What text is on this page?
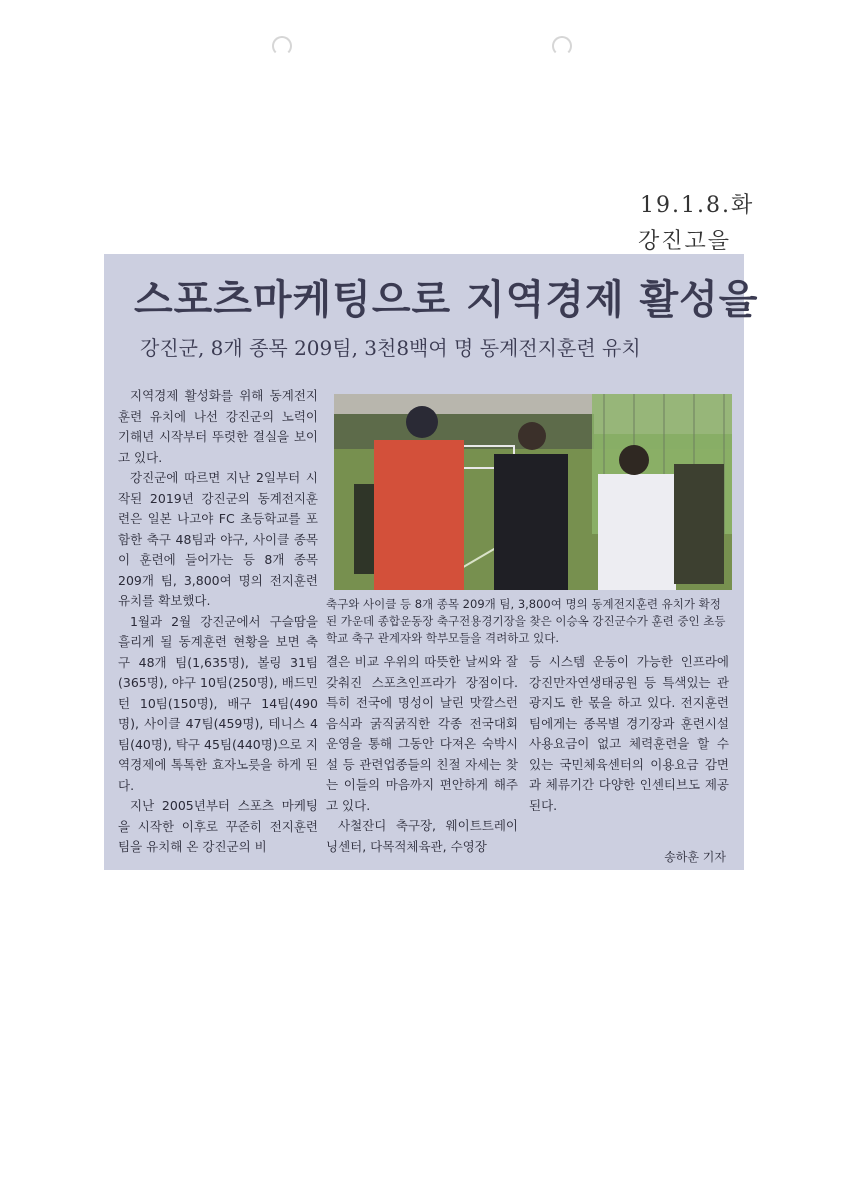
19.1.8.화
강진고을
스포츠마케팅으로 지역경제 활성을
강진군, 8개 종목 209팀, 3천8백여 명 동계전지훈련 유치

지역경제 활성화를 위해 동계전지훈련 유치에 나선 강진군의 노력이 기해년 시작부터 뚜렷한 결실을 보이고 있다.

강진군에 따르면 지난 2일부터 시작된 2019년 강진군의 동계전지훈련은 일본 나고야 FC 초등학교를 포함한 축구 48팀과 야구, 사이클 종목이 훈련에 들어가는 등 8개 종목 209개 팀, 3,800여 명의 전지훈련 유치를 확보했다.

1월과 2월 강진군에서 구슬땀을 흘리게 될 동계훈련 현황을 보면 축구 48개 팀(1,635명), 볼링 31팀(365명), 야구 10팀(250명), 배드민턴 10팀(150명), 배구 14팀(490명), 사이클 47팀(459명), 테니스 4팀(40명), 탁구 45팀(440명)으로 지역경제에 톡톡한 효자노릇을 하게 된다.

지난 2005년부터 스포츠 마케팅을 시작한 이후로 꾸준히 전지훈련 팀을 유치해 온 강진군의 비

축구와 사이클 등 8개 종목 209개 팀, 3,800여 명의 동계전지훈련 유치가 확정된 가운데 종합운동장 축구전용경기장을 찾은 이승옥 강진군수가 훈련 중인 초등학교 축구 관계자와 학부모들을 격려하고 있다.

결은 비교 우위의 따뜻한 날씨와 잘 갖춰진 스포츠인프라가 장점이다. 특히 전국에 명성이 날린 맛깔스런 음식과 굵직굵직한 각종 전국대회운영을 통해 그동안 다져온 숙박시설 등 관련업종들의 친절 자세는 찾는 이들의 마음까지 편안하게 해주고 있다.

사철잔디 축구장, 웨이트트레이닝센터, 다목적체육관, 수영장

등 시스템 운동이 가능한 인프라에 강진만자연생태공원 등 특색있는 관광지도 한 몫을 하고 있다. 전지훈련 팀에게는 종목별 경기장과 훈련시설 사용요금이 없고 체력훈련을 할 수 있는 국민체육센터의 이용요금 감면과 체류기간 다양한 인센티브도 제공된다.

송하훈 기자
